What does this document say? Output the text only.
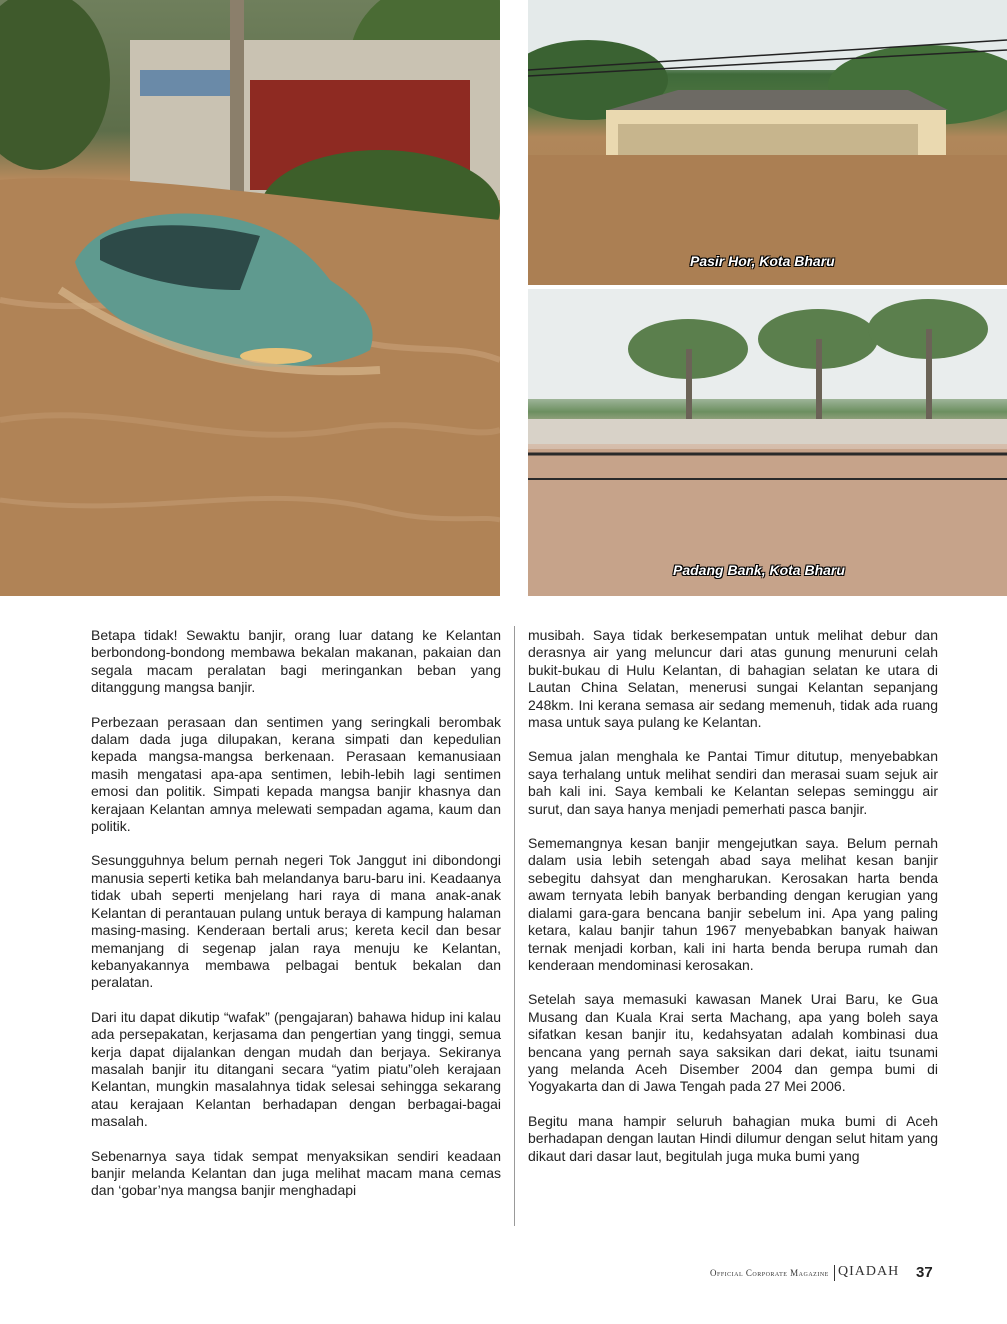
Pasir Hor, Kota Bharu
Padang Bank, Kota Bharu

Betapa tidak! Sewaktu banjir, orang luar datang ke Kelantan berbondong-bondong membawa bekalan makanan, pakaian dan segala macam peralatan bagi meringankan beban yang ditanggung mangsa banjir.

Perbezaan perasaan dan sentimen yang seringkali berombak dalam dada juga dilupakan, kerana simpati dan kepedulian kepada mangsa-mangsa berkenaan. Perasaan kemanusiaan masih mengatasi apa-apa sentimen, lebih-lebih lagi sentimen emosi dan politik. Simpati kepada mangsa banjir khasnya dan kerajaan Kelantan amnya melewati sempadan agama, kaum dan politik.

Sesungguhnya belum pernah negeri Tok Janggut ini dibondongi manusia seperti ketika bah melandanya baru-baru ini. Keadaanya tidak ubah seperti menjelang hari raya di mana anak-anak Kelantan di perantauan pulang untuk beraya di kampung halaman masing-masing. Kenderaan bertali arus; kereta kecil dan besar memanjang di segenap jalan raya menuju ke Kelantan, kebanyakannya membawa pelbagai bentuk bekalan dan peralatan.

Dari itu dapat dikutip “wafak” (pengajaran) bahawa hidup ini kalau ada persepakatan, kerjasama dan pengertian yang tinggi, semua kerja dapat dijalankan dengan mudah dan berjaya. Sekiranya masalah banjir itu ditangani secara “yatim piatu”oleh kerajaan Kelantan, mungkin masalahnya tidak selesai sehingga sekarang atau kerajaan Kelantan berhadapan dengan berbagai-bagai masalah.

Sebenarnya saya tidak sempat menyaksikan sendiri keadaan banjir melanda Kelantan dan juga melihat macam mana cemas dan ‘gobar’nya mangsa banjir menghadapi

musibah. Saya tidak berkesempatan untuk melihat debur dan derasnya air yang meluncur dari atas gunung menuruni celah bukit-bukau di Hulu Kelantan, di bahagian selatan ke utara di Lautan China Selatan, menerusi sungai Kelantan sepanjang 248km. Ini kerana semasa air sedang memenuh, tidak ada ruang masa untuk saya pulang ke Kelantan.

Semua jalan menghala ke Pantai Timur ditutup, menyebabkan saya terhalang untuk melihat sendiri dan merasai suam sejuk air bah kali ini. Saya kembali ke Kelantan selepas seminggu air surut, dan saya hanya menjadi pemerhati pasca banjir.

Sememangnya kesan banjir mengejutkan saya. Belum pernah dalam usia lebih setengah abad saya melihat kesan banjir sebegitu dahsyat dan mengharukan. Kerosakan harta benda awam ternyata lebih banyak berbanding dengan kerugian yang dialami gara-gara bencana banjir sebelum ini. Apa yang paling ketara, kalau banjir tahun 1967 menyebabkan banyak haiwan ternak menjadi korban, kali ini harta benda berupa rumah dan kenderaan mendominasi kerosakan.

Setelah saya memasuki kawasan Manek Urai Baru, ke Gua Musang dan Kuala Krai serta Machang, apa yang boleh saya sifatkan kesan banjir itu, kedahsyatan adalah kombinasi dua bencana yang pernah saya saksikan dari dekat, iaitu tsunami yang melanda Aceh Disember 2004 dan gempa bumi di Yogyakarta dan di Jawa Tengah pada 27 Mei 2006.

Begitu mana hampir seluruh bahagian muka bumi di Aceh berhadapan dengan lautan Hindi dilumur dengan selut hitam yang dikaut dari dasar laut, begitulah juga muka bumi yang

Official Corporate Magazine QIADAH 37
